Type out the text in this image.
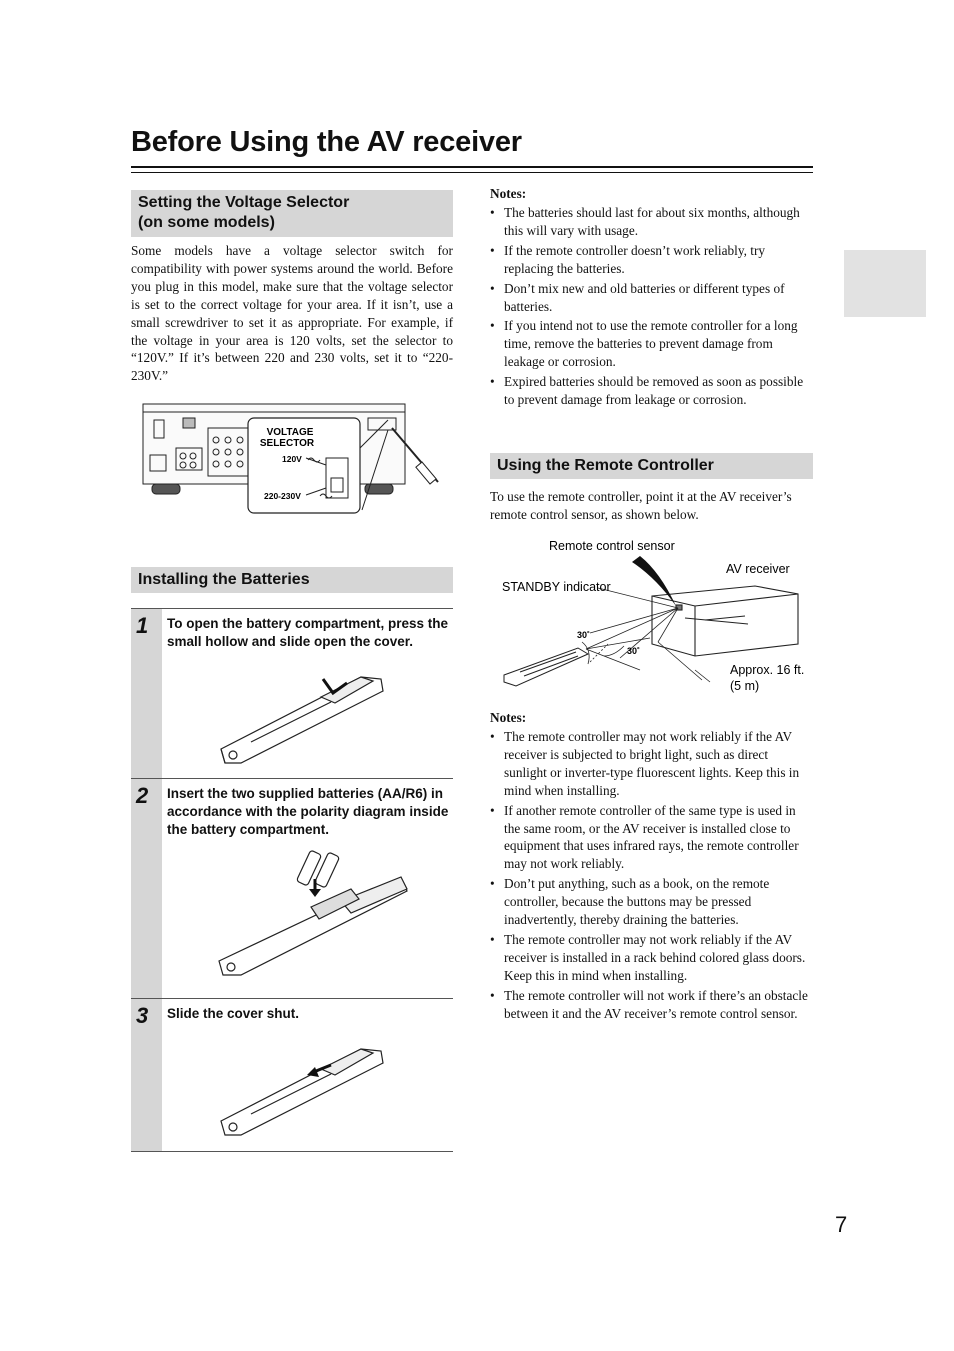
Before Using the AV receiver
Setting the Voltage Selector
(on some models)
Some models have a voltage selector switch for compatibility with power systems around the world. Before you plug in this model, make sure that the voltage selector is set to the correct voltage for your area. If it isn’t, use a small screwdriver to set it as appropriate. For example, if the voltage in your area is 120 volts, set the selector to “120V.” If it’s between 220 and 230 volts, set it to “220-230V.”
VOLTAGE
SELECTOR
120V
220-230V
Installing the Batteries
1 To open the battery compartment, press the small hollow and slide open the cover.
2 Insert the two supplied batteries (AA/R6) in accordance with the polarity diagram inside the battery compartment.
3 Slide the cover shut.
Notes:
• The batteries should last for about six months, although this will vary with usage.
• If the remote controller doesn’t work reliably, try replacing the batteries.
• Don’t mix new and old batteries or different types of batteries.
• If you intend not to use the remote controller for a long time, remove the batteries to prevent damage from leakage or corrosion.
• Expired batteries should be removed as soon as possible to prevent damage from leakage or corrosion.
Using the Remote Controller
To use the remote controller, point it at the AV receiver’s remote control sensor, as shown below.
Remote control sensor
AV receiver
STANDBY indicator
30˚
30˚
Approx. 16 ft.
(5 m)
Notes:
• The remote controller may not work reliably if the AV receiver is subjected to bright light, such as direct sunlight or inverter-type fluorescent lights. Keep this in mind when installing.
• If another remote controller of the same type is used in the same room, or the AV receiver is installed close to equipment that uses infrared rays, the remote controller may not work reliably.
• Don’t put anything, such as a book, on the remote controller, because the buttons may be pressed inadvertently, thereby draining the batteries.
• The remote controller may not work reliably if the AV receiver is installed in a rack behind colored glass doors. Keep this in mind when installing.
• The remote controller will not work if there’s an obstacle between it and the AV receiver’s remote control sensor.
7
